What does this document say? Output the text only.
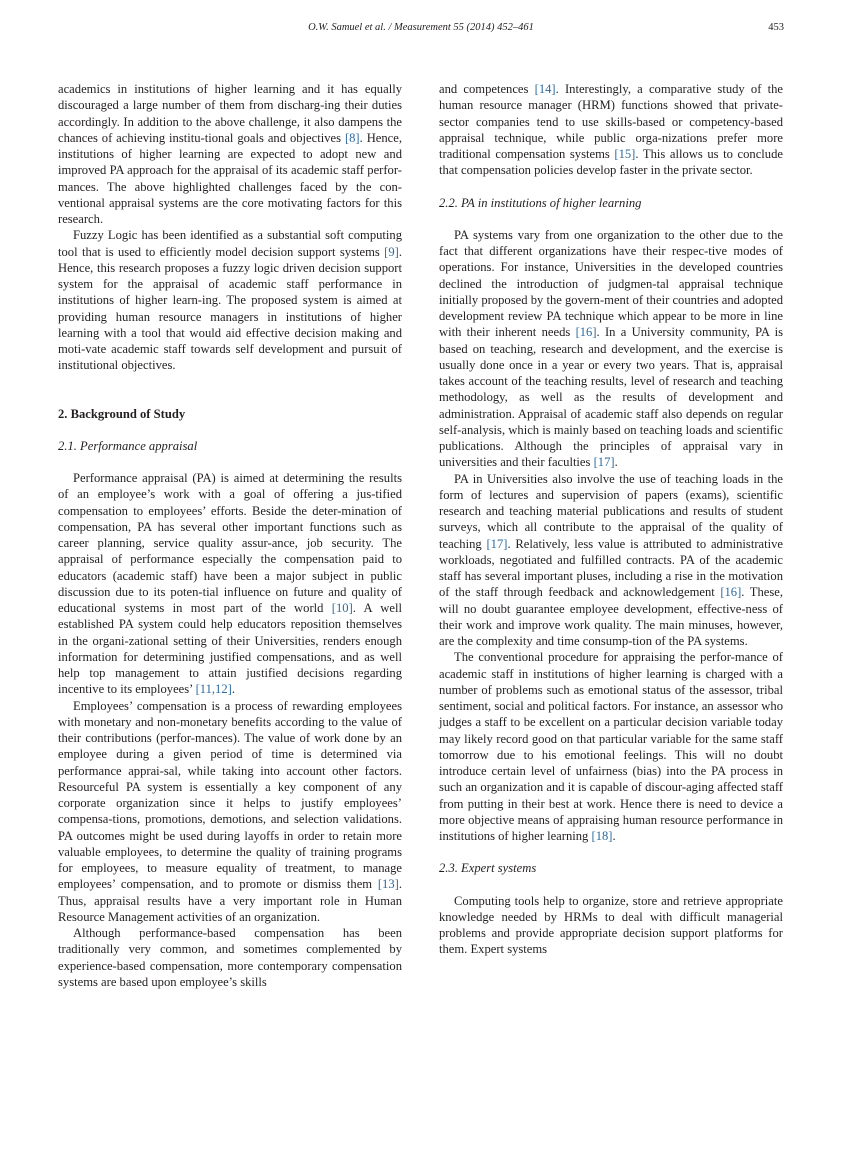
O.W. Samuel et al. / Measurement 55 (2014) 452–461	453

academics in institutions of higher learning and it has equally discouraged a large number of them from discharg-ing their duties accordingly. In addition to the above challenge, it also dampens the chances of achieving institu-tional goals and objectives [8]. Hence, institutions of higher learning are expected to adopt new and improved PA approach for the appraisal of its academic staff perfor-mances. The above highlighted challenges faced by the con-ventional appraisal systems are the core motivating factors for this research.

Fuzzy Logic has been identified as a substantial soft computing tool that is used to efficiently model decision support systems [9]. Hence, this research proposes a fuzzy logic driven decision support system for the appraisal of academic staff performance in institutions of higher learn-ing. The proposed system is aimed at providing human resource managers in institutions of higher learning with a tool that would aid effective decision making and moti-vate academic staff towards self development and pursuit of institutional objectives.

2. Background of Study
2.1. Performance appraisal

Performance appraisal (PA) is aimed at determining the results of an employee’s work with a goal of offering a jus-tified compensation to employees’ efforts. Beside the deter-mination of compensation, PA has several other important functions such as career planning, service quality assur-ance, job security. The appraisal of performance especially the compensation paid to educators (academic staff) have been a major subject in public discussion due to its poten-tial influence on future and quality of educational systems in most part of the world [10]. A well established PA system could help educators reposition themselves in the organi-zational setting of their Universities, renders enough information for determining justified compensations, and as well help top management to attain justified decisions regarding incentive to its employees’ [11,12].

Employees’ compensation is a process of rewarding employees with monetary and non-monetary benefits according to the value of their contributions (perfor-mances). The value of work done by an employee during a given period of time is determined via performance apprai-sal, while taking into account other factors. Resourceful PA system is essentially a key component of any corporate organization since it helps to justify employees’ compensa-tions, promotions, demotions, and selection validations. PA outcomes might be used during layoffs in order to retain more valuable employees, to determine the quality of training programs for employees, to measure equality of treatment, to manage employees’ compensation, and to promote or dismiss them [13]. Thus, appraisal results have a very important role in Human Resource Management activities of an organization.

Although performance-based compensation has been traditionally very common, and sometimes complemented by experience-based compensation, more contemporary compensation systems are based upon employee’s skills

and competences [14]. Interestingly, a comparative study of the human resource manager (HRM) functions showed that private-sector companies tend to use skills-based or competency-based appraisal technique, while public orga-nizations prefer more traditional compensation systems [15]. This allows us to conclude that compensation policies develop faster in the private sector.

2.2. PA in institutions of higher learning

PA systems vary from one organization to the other due to the fact that different organizations have their respec-tive modes of operations. For instance, Universities in the developed countries declined the introduction of judgmen-tal appraisal technique initially proposed by the govern-ment of their countries and adopted development review PA technique which appear to be more in line with their inherent needs [16]. In a University community, PA is based on teaching, research and development, and the exercise is usually done once in a year or every two years. That is, appraisal takes account of the teaching results, level of research and teaching methodology, as well as the results of development and administration. Appraisal of academic staff also depends on regular self-analysis, which is mainly based on teaching loads and scientific publications. Although the principles of appraisal vary in universities and their faculties [17].

PA in Universities also involve the use of teaching loads in the form of lectures and supervision of papers (exams), scientific research and teaching material publications and results of student surveys, which all contribute to the appraisal of the quality of teaching [17]. Relatively, less value is attributed to administrative workloads, negotiated and fulfilled contracts. PA of the academic staff has several important pluses, including a rise in the motivation of the staff through feedback and acknowledgement [16]. These, will no doubt guarantee employee development, effective-ness of their work and improve work quality. The main minuses, however, are the complexity and time consump-tion of the PA systems.

The conventional procedure for appraising the perfor-mance of academic staff in institutions of higher learning is charged with a number of problems such as emotional status of the assessor, tribal sentiment, social and political factors. For instance, an assessor who judges a staff to be excellent on a particular decision variable today may likely record good on that particular variable for the same staff tomorrow due to his emotional feelings. This will no doubt introduce certain level of unfairness (bias) into the PA process in such an organization and it is capable of discour-aging affected staff from putting in their best at work. Hence there is need to device a more objective means of appraising human resource performance in institutions of higher learning [18].

2.3. Expert systems

Computing tools help to organize, store and retrieve appropriate knowledge needed by HRMs to deal with difficult managerial problems and provide appropriate decision support platforms for them. Expert systems
